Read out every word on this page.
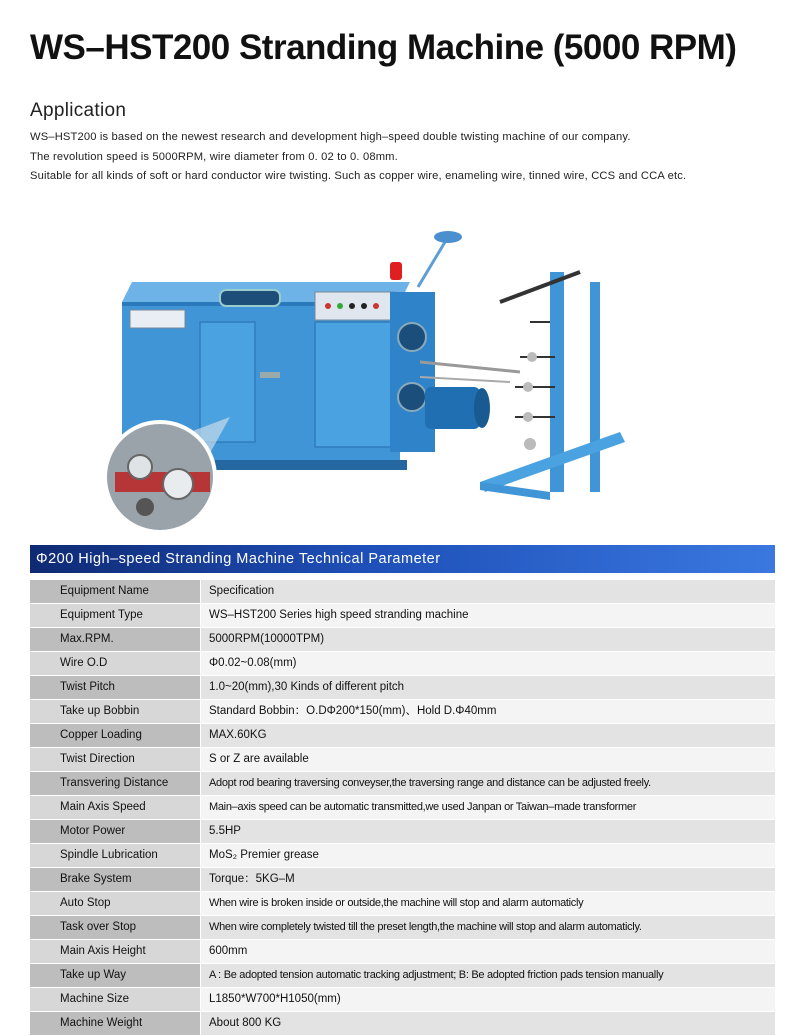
WS–HST200 Stranding Machine (5000 RPM)
Application
WS–HST200 is based on the newest research and development high–speed double twisting machine of our company.
The revolution speed is 5000RPM, wire diameter from 0. 02 to 0. 08mm.
Suitable for all kinds of soft or hard conductor wire twisting. Such as copper wire, enameling wire, tinned wire, CCS and CCA etc.
Φ200 High–speed Stranding Machine Technical Parameter
Equipment Name	Specification
Equipment Type	WS–HST200 Series high speed stranding machine
Max.RPM.	5000RPM(10000TPM)
Wire O.D	Φ0.02~0.08(mm)
Twist Pitch	1.0~20(mm),30 Kinds of different pitch
Take up Bobbin	Standard Bobbin：O.DΦ200*150(mm)、Hold D.Φ40mm
Copper Loading	MAX.60KG
Twist Direction	S or Z are available
Transvering Distance	Adopt rod bearing traversing conveyser,the traversing range and distance can be adjusted freely.
Main Axis Speed	Main–axis speed can be automatic transmitted,we used Janpan or Taiwan–made transformer
Motor Power	5.5HP
Spindle Lubrication	MoS₂ Premier grease
Brake System	Torque：5KG–M
Auto Stop	When wire is broken inside or outside,the machine will stop and alarm automaticly
Task over Stop	When wire completely twisted till the preset length,the machine will stop and alarm automaticly.
Main Axis Height	600mm
Take up Way	A : Be adopted tension automatic tracking adjustment; B: Be adopted friction pads tension manually
Machine Size	L1850*W700*H1050(mm)
Machine Weight	About 800 KG
